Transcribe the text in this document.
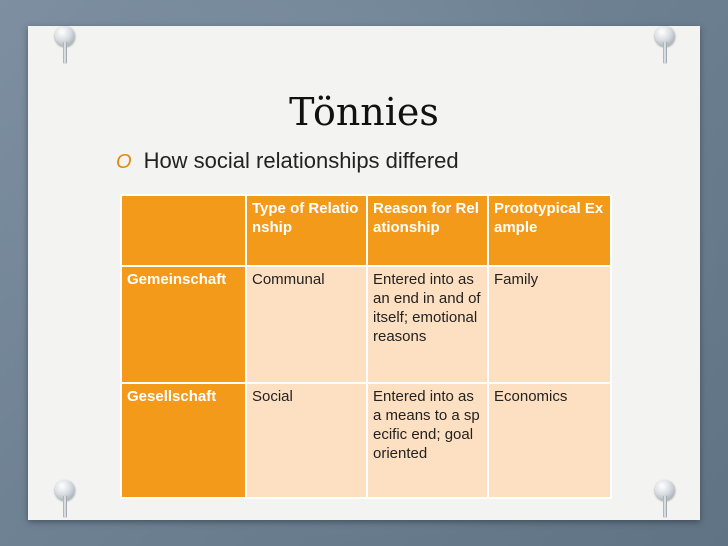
Tönnies
O How social relationships differed
	Type of Relationship	Reason for Relationship	Prototypical Example
Gemeinschaft	Communal	Entered into as an end in and of itself; emotional reasons	Family
Gesellschaft	Social	Entered into as a means to a specific end; goal oriented	Economics
